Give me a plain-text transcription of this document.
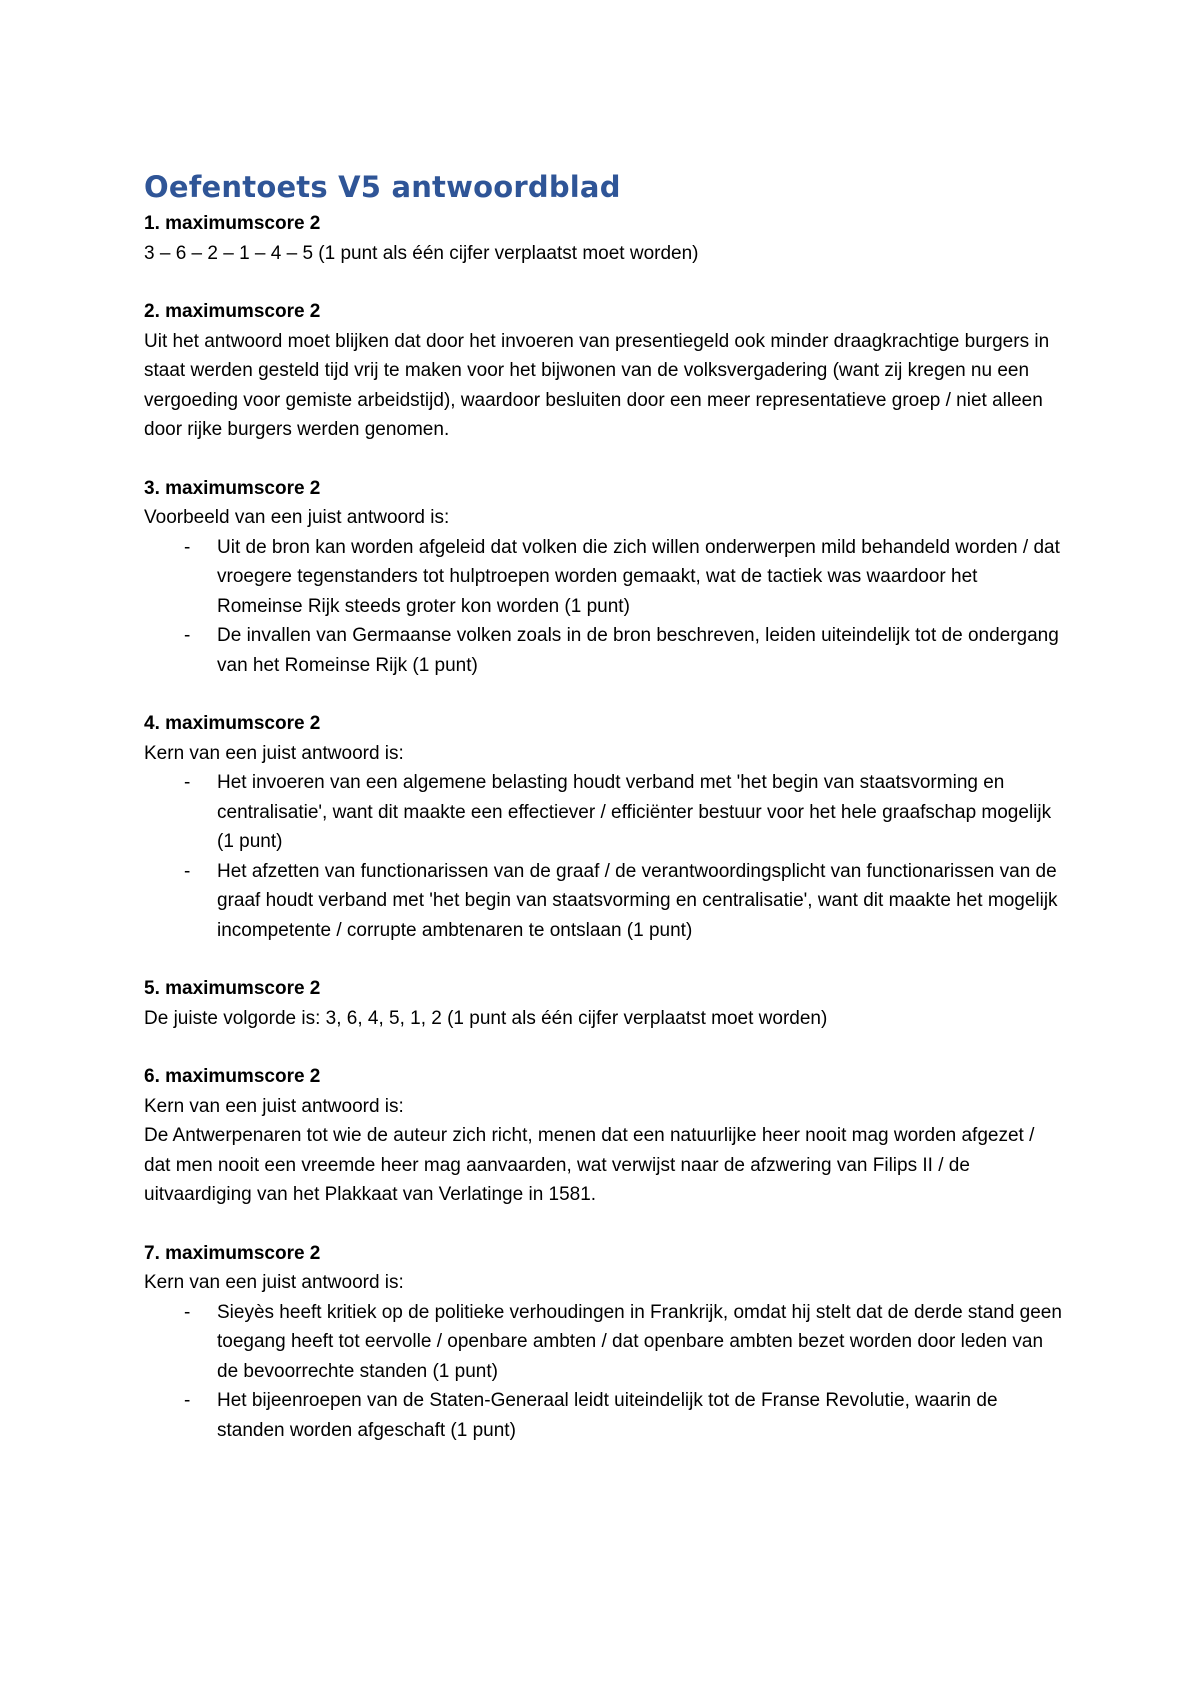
Oefentoets V5 antwoordblad

1. maximumscore 2

3 – 6 – 2 – 1 – 4 – 5 (1 punt als één cijfer verplaatst moet worden)

2. maximumscore 2

Uit het antwoord moet blijken dat door het invoeren van presentiegeld ook minder draagkrachtige burgers in staat werden gesteld tijd vrij te maken voor het bijwonen van de volksvergadering (want zij kregen nu een vergoeding voor gemiste arbeidstijd), waardoor besluiten door een meer representatieve groep / niet alleen door rijke burgers werden genomen.

3. maximumscore 2

Voorbeeld van een juist antwoord is:

- Uit de bron kan worden afgeleid dat volken die zich willen onderwerpen mild behandeld worden / dat vroegere tegenstanders tot hulptroepen worden gemaakt, wat de tactiek was waardoor het Romeinse Rijk steeds groter kon worden (1 punt)
- De invallen van Germaanse volken zoals in de bron beschreven, leiden uiteindelijk tot de ondergang van het Romeinse Rijk (1 punt)

4. maximumscore 2

Kern van een juist antwoord is:

- Het invoeren van een algemene belasting houdt verband met 'het begin van staatsvorming en centralisatie', want dit maakte een effectiever / efficiënter bestuur voor het hele graafschap mogelijk (1 punt)
- Het afzetten van functionarissen van de graaf / de verantwoordingsplicht van functionarissen van de graaf houdt verband met 'het begin van staatsvorming en centralisatie', want dit maakte het mogelijk incompetente / corrupte ambtenaren te ontslaan (1 punt)

5. maximumscore 2

De juiste volgorde is: 3, 6, 4, 5, 1, 2 (1 punt als één cijfer verplaatst moet worden)

6. maximumscore 2

Kern van een juist antwoord is:

De Antwerpenaren tot wie de auteur zich richt, menen dat een natuurlijke heer nooit mag worden afgezet / dat men nooit een vreemde heer mag aanvaarden, wat verwijst naar de afzwering van Filips II / de uitvaardiging van het Plakkaat van Verlatinge in 1581.

7. maximumscore 2

Kern van een juist antwoord is:

- Sieyès heeft kritiek op de politieke verhoudingen in Frankrijk, omdat hij stelt dat de derde stand geen toegang heeft tot eervolle / openbare ambten / dat openbare ambten bezet worden door leden van de bevoorrechte standen (1 punt)
- Het bijeenroepen van de Staten-Generaal leidt uiteindelijk tot de Franse Revolutie, waarin de standen worden afgeschaft (1 punt)
